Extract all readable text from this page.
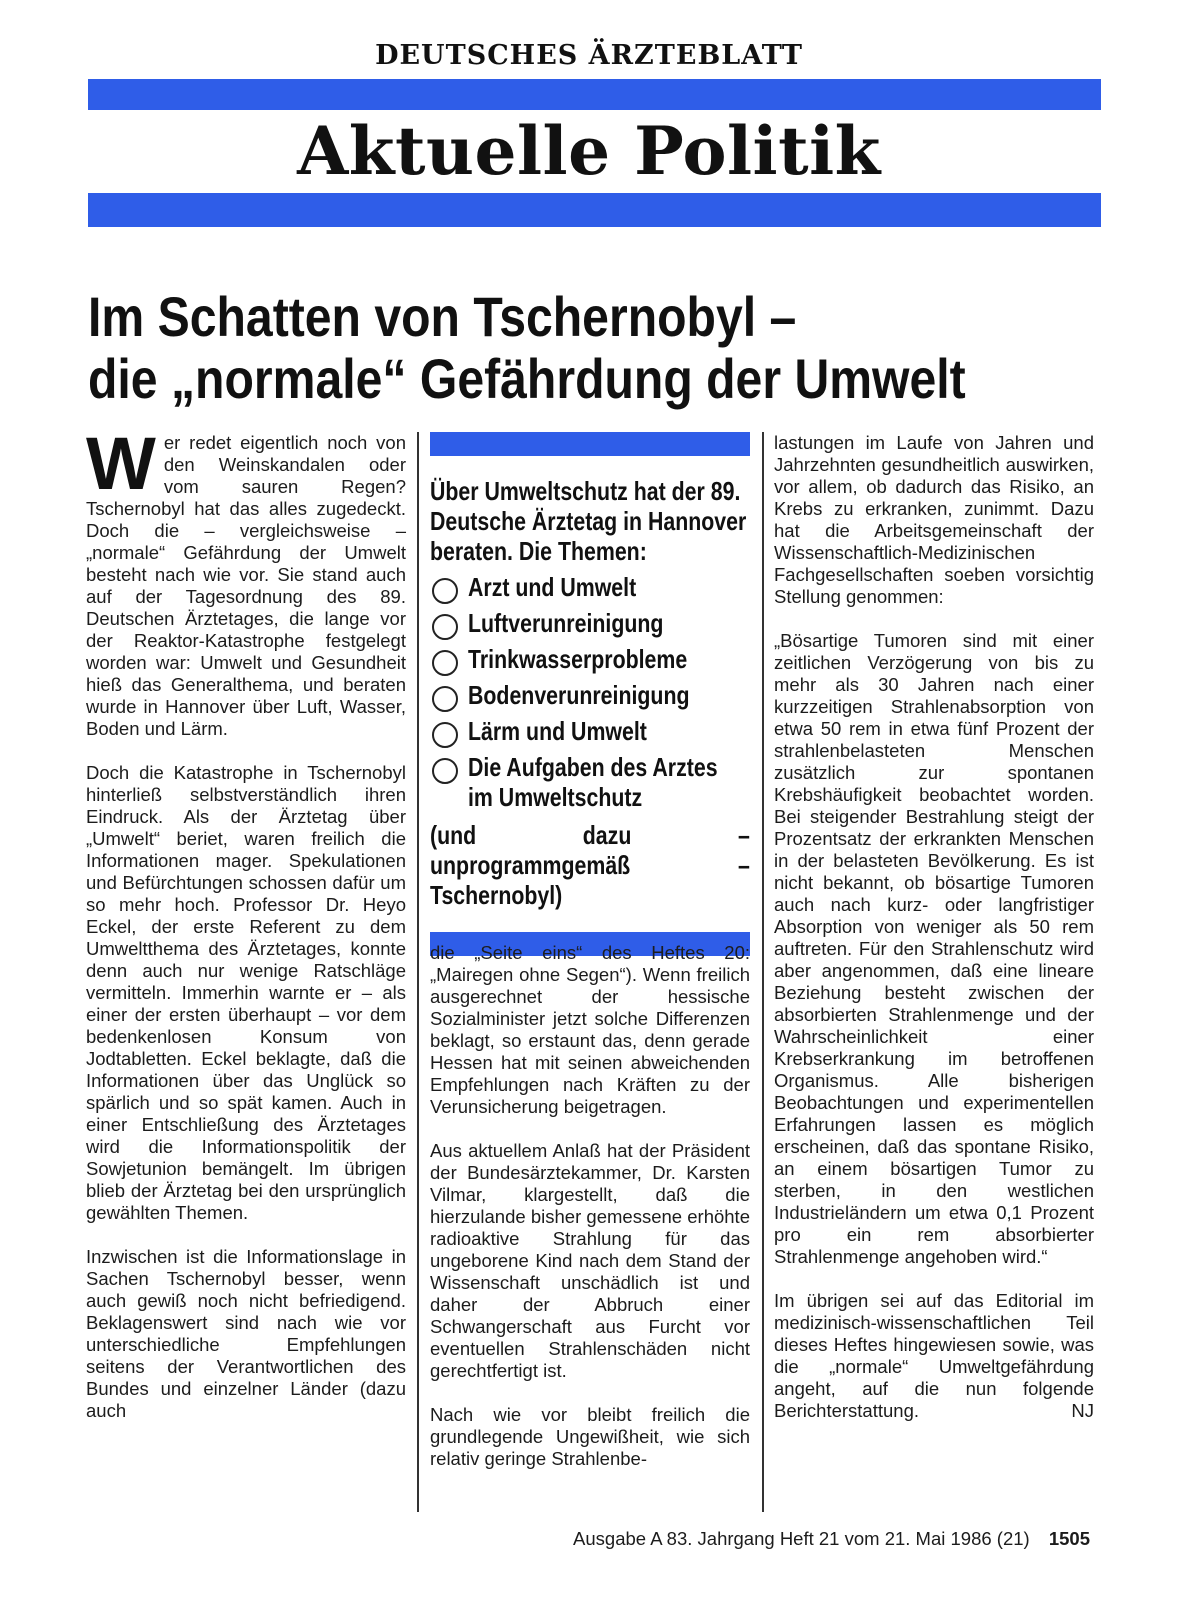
DEUTSCHES ÄRZTEBLATT
Aktuelle Politik
Im Schatten von Tschernobyl –
die „normale“ Gefährdung der Umwelt

Wer redet eigentlich noch von den Weinskandalen oder vom sauren Regen? Tschernobyl hat das alles zugedeckt. Doch die – vergleichsweise – „normale“ Gefährdung der Umwelt besteht nach wie vor. Sie stand auch auf der Tagesordnung des 89. Deutschen Ärztetages, die lange vor der Reaktor-Katastrophe festgelegt worden war: Umwelt und Gesundheit hieß das Generalthema, und beraten wurde in Hannover über Luft, Wasser, Boden und Lärm.

Doch die Katastrophe in Tschernobyl hinterließ selbstverständlich ihren Eindruck. Als der Ärztetag über „Umwelt“ beriet, waren freilich die Informationen mager. Spekulationen und Befürchtungen schossen dafür um so mehr hoch. Professor Dr. Heyo Eckel, der erste Referent zu dem Umweltthema des Ärztetages, konnte denn auch nur wenige Ratschläge vermitteln. Immerhin warnte er – als einer der ersten überhaupt – vor dem bedenkenlosen Konsum von Jodtabletten. Eckel beklagte, daß die Informationen über das Unglück so spärlich und so spät kamen. Auch in einer Entschließung des Ärztetages wird die Informationspolitik der Sowjetunion bemängelt. Im übrigen blieb der Ärztetag bei den ursprünglich gewählten Themen.

Inzwischen ist die Informationslage in Sachen Tschernobyl besser, wenn auch gewiß noch nicht befriedigend. Beklagenswert sind nach wie vor unterschiedliche Empfehlungen seitens der Verantwortlichen des Bundes und einzelner Länder (dazu auch

Über Umweltschutz hat der 89. Deutsche Ärztetag in Hannover beraten. Die Themen:
Arzt und Umwelt
Luftverunreinigung
Trinkwasserprobleme
Bodenverunreinigung
Lärm und Umwelt
Die Aufgaben des Arztes im Umweltschutz
(und dazu – unprogrammgemäß – Tschernobyl)

die „Seite eins“ des Heftes 20: „Mairegen ohne Segen“). Wenn freilich ausgerechnet der hessische Sozialminister jetzt solche Differenzen beklagt, so erstaunt das, denn gerade Hessen hat mit seinen abweichenden Empfehlungen nach Kräften zu der Verunsicherung beigetragen.

Aus aktuellem Anlaß hat der Präsident der Bundesärztekammer, Dr. Karsten Vilmar, klargestellt, daß die hierzulande bisher gemessene erhöhte radioaktive Strahlung für das ungeborene Kind nach dem Stand der Wissenschaft unschädlich ist und daher der Abbruch einer Schwangerschaft aus Furcht vor eventuellen Strahlenschäden nicht gerechtfertigt ist.

Nach wie vor bleibt freilich die grundlegende Ungewißheit, wie sich relativ geringe Strahlenbe-

lastungen im Laufe von Jahren und Jahrzehnten gesundheitlich auswirken, vor allem, ob dadurch das Risiko, an Krebs zu erkranken, zunimmt. Dazu hat die Arbeitsgemeinschaft der Wissenschaftlich-Medizinischen Fachgesellschaften soeben vorsichtig Stellung genommen:

„Bösartige Tumoren sind mit einer zeitlichen Verzögerung von bis zu mehr als 30 Jahren nach einer kurzzeitigen Strahlenabsorption von etwa 50 rem in etwa fünf Prozent der strahlenbelasteten Menschen zusätzlich zur spontanen Krebshäufigkeit beobachtet worden. Bei steigender Bestrahlung steigt der Prozentsatz der erkrankten Menschen in der belasteten Bevölkerung. Es ist nicht bekannt, ob bösartige Tumoren auch nach kurz- oder langfristiger Absorption von weniger als 50 rem auftreten. Für den Strahlenschutz wird aber angenommen, daß eine lineare Beziehung besteht zwischen der absorbierten Strahlenmenge und der Wahrscheinlichkeit einer Krebserkrankung im betroffenen Organismus. Alle bisherigen Beobachtungen und experimentellen Erfahrungen lassen es möglich erscheinen, daß das spontane Risiko, an einem bösartigen Tumor zu sterben, in den westlichen Industrieländern um etwa 0,1 Prozent pro ein rem absorbierter Strahlenmenge angehoben wird.“

Im übrigen sei auf das Editorial im medizinisch-wissenschaftlichen Teil dieses Heftes hingewiesen sowie, was die „normale“ Umweltgefährdung angeht, auf die nun folgende Berichterstattung.	NJ

Ausgabe A 83. Jahrgang Heft 21 vom 21. Mai 1986 (21) 1505
